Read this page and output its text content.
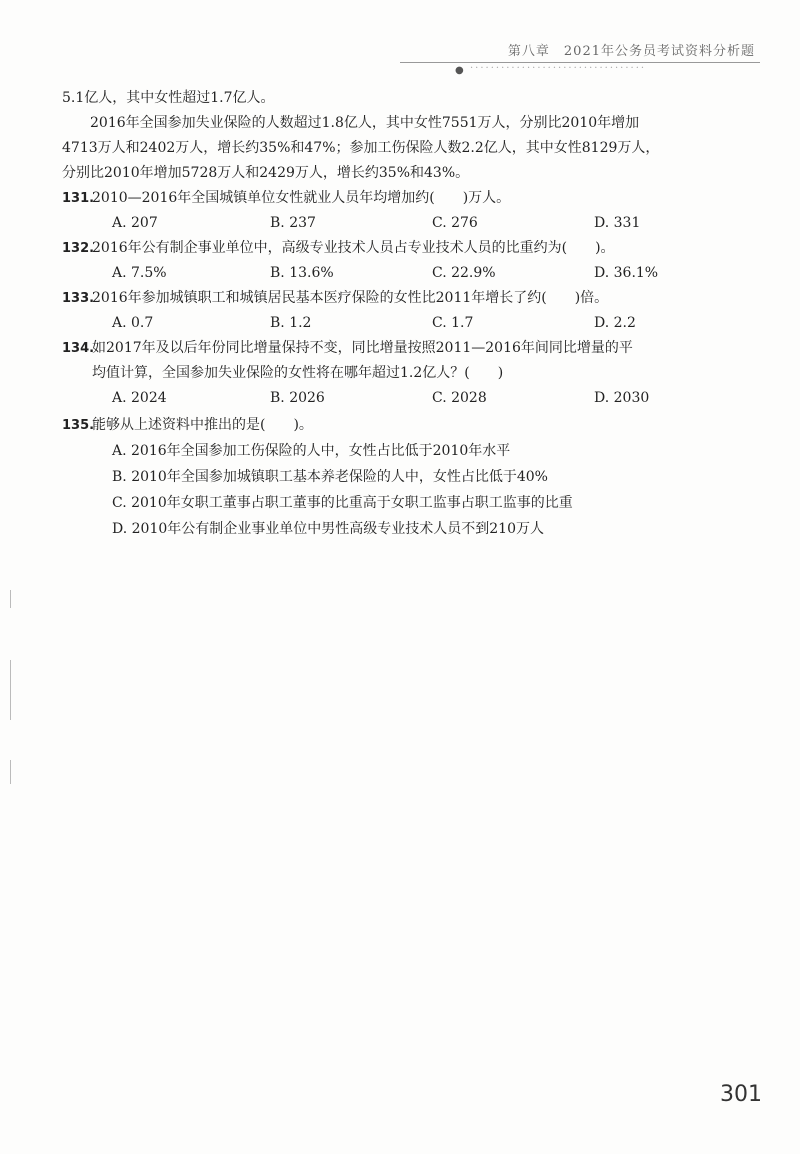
第八章　2021年公务员考试资料分析题
● ··································
5.1亿人，其中女性超过1.7亿人。
2016年全国参加失业保险的人数超过1.8亿人，其中女性7551万人，分别比2010年增加
4713万人和2402万人，增长约35%和47%；参加工伤保险人数2.2亿人，其中女性8129万人，
分别比2010年增加5728万人和2429万人，增长约35%和43%。
131.2010—2016年全国城镇单位女性就业人员年均增加约(　　)万人。
A. 207	B. 237	C. 276	D. 331
132.2016年公有制企事业单位中，高级专业技术人员占专业技术人员的比重约为(　　)。
A. 7.5%	B. 13.6%	C. 22.9%	D. 36.1%
133.2016年参加城镇职工和城镇居民基本医疗保险的女性比2011年增长了约(　　)倍。
A. 0.7	B. 1.2	C. 1.7	D. 2.2
134.如2017年及以后年份同比增量保持不变，同比增量按照2011—2016年间同比增量的平
均值计算，全国参加失业保险的女性将在哪年超过1.2亿人？(　　)
A. 2024	B. 2026	C. 2028	D. 2030
135.能够从上述资料中推出的是(　　)。
A. 2016年全国参加工伤保险的人中，女性占比低于2010年水平
B. 2010年全国参加城镇职工基本养老保险的人中，女性占比低于40%
C. 2010年女职工董事占职工董事的比重高于女职工监事占职工监事的比重
D. 2010年公有制企业事业单位中男性高级专业技术人员不到210万人
301
